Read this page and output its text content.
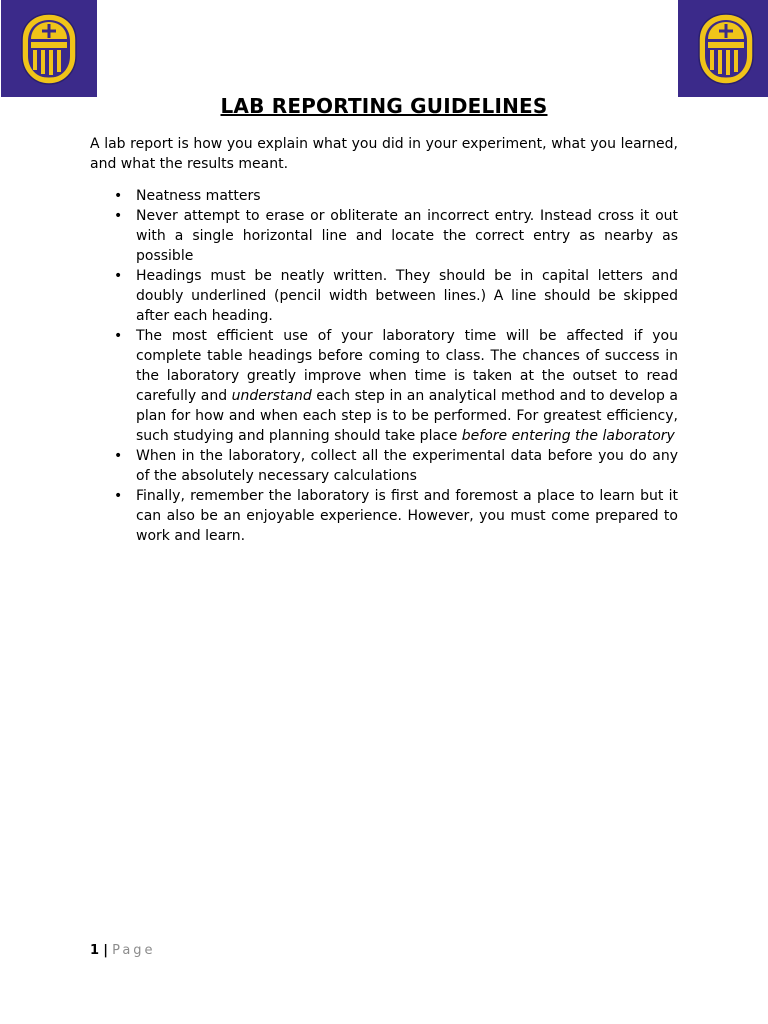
LAB REPORTING GUIDELINES

A lab report is how you explain what you did in your experiment, what you learned, and what the results meant.

• Neatness matters
• Never attempt to erase or obliterate an incorrect entry. Instead cross it out with a single horizontal line and locate the correct entry as nearby as possible
• Headings must be neatly written. They should be in capital letters and doubly underlined (pencil width between lines.) A line should be skipped after each heading.
• The most efficient use of your laboratory time will be affected if you complete table headings before coming to class. The chances of success in the laboratory greatly improve when time is taken at the outset to read carefully and understand each step in an analytical method and to develop a plan for how and when each step is to be performed. For greatest efficiency, such studying and planning should take place before entering the laboratory
• When in the laboratory, collect all the experimental data before you do any of the absolutely necessary calculations
• Finally, remember the laboratory is first and foremost a place to learn but it can also be an enjoyable experience. However, you must come prepared to work and learn.
1 | Page
